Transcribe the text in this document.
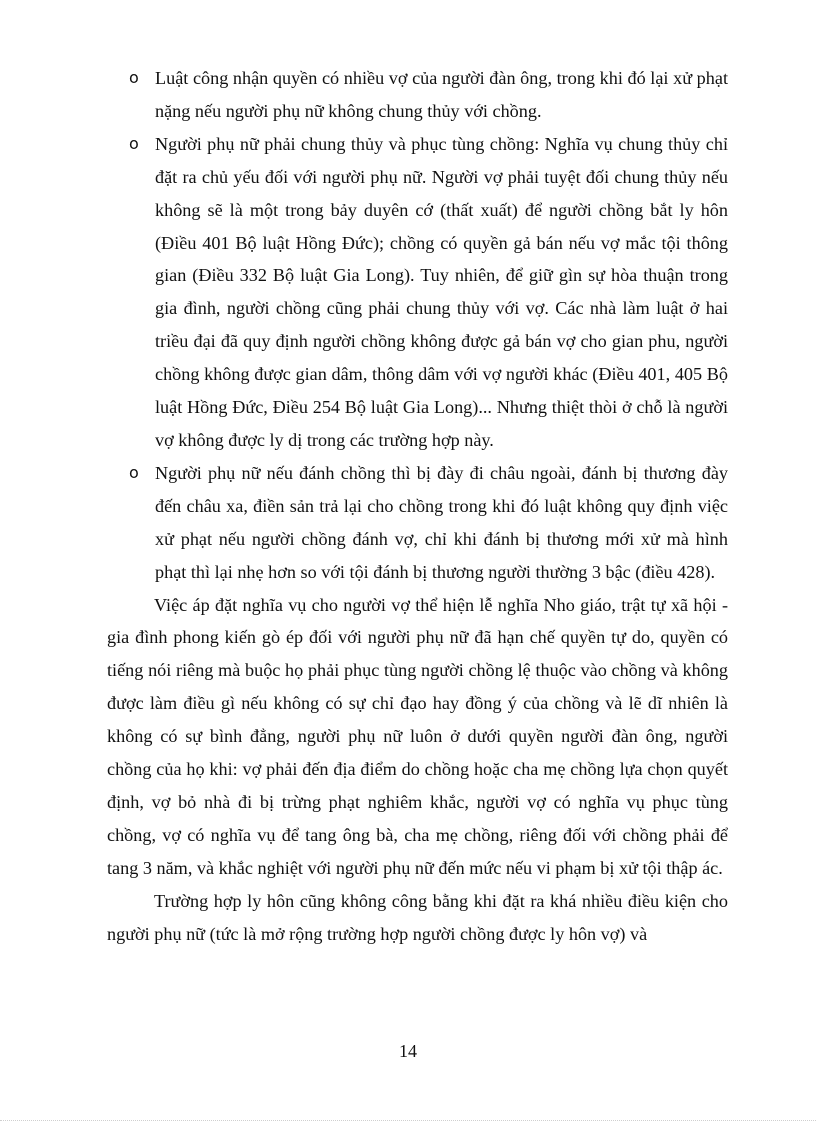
o Luật công nhận quyền có nhiều vợ của người đàn ông, trong khi đó lại xử phạt nặng nếu người phụ nữ không chung thủy với chồng.
o Người phụ nữ phải chung thủy và phục tùng chồng: Nghĩa vụ chung thủy chỉ đặt ra chủ yếu đối với người phụ nữ. Người vợ phải tuyệt đối chung thủy nếu không sẽ là một trong bảy duyên cớ (thất xuất) để người chồng bắt ly hôn (Điều 401 Bộ luật Hồng Đức); chồng có quyền gả bán nếu vợ mắc tội thông gian (Điều 332 Bộ luật Gia Long). Tuy nhiên, để giữ gìn sự hòa thuận trong gia đình, người chồng cũng phải chung thủy với vợ. Các nhà làm luật ở hai triều đại đã quy định người chồng không được gả bán vợ cho gian phu, người chồng không được gian dâm, thông dâm với vợ người khác (Điều 401, 405 Bộ luật Hồng Đức, Điều 254 Bộ luật Gia Long)... Nhưng thiệt thòi ở chỗ là người vợ không được ly dị trong các trường hợp này.
o Người phụ nữ nếu đánh chồng thì bị đày đi châu ngoài, đánh bị thương đày đến châu xa, điền sản trả lại cho chồng trong khi đó luật không quy định việc xử phạt nếu người chồng đánh vợ, chỉ khi đánh bị thương mới xử mà hình phạt thì lại nhẹ hơn so với tội đánh bị thương người thường 3 bậc (điều 428).

Việc áp đặt nghĩa vụ cho người vợ thể hiện lễ nghĩa Nho giáo, trật tự xã hội - gia đình phong kiến gò ép đối với người phụ nữ đã hạn chế quyền tự do, quyền có tiếng nói riêng mà buộc họ phải phục tùng người chồng lệ thuộc vào chồng và không được làm điều gì nếu không có sự chỉ đạo hay đồng ý của chồng và lẽ dĩ nhiên là không có sự bình đẳng, người phụ nữ luôn ở dưới quyền người đàn ông, người chồng của họ khi: vợ phải đến địa điểm do chồng hoặc cha mẹ chồng lựa chọn quyết định, vợ bỏ nhà đi bị trừng phạt nghiêm khắc, người vợ có nghĩa vụ phục tùng chồng, vợ có nghĩa vụ để tang ông bà, cha mẹ chồng, riêng đối với chồng phải để tang 3 năm, và khắc nghiệt với người phụ nữ đến mức nếu vi phạm bị xử tội thập ác.

Trường hợp ly hôn cũng không công bằng khi đặt ra khá nhiều điều kiện cho người phụ nữ (tức là mở rộng trường hợp người chồng được ly hôn vợ) và

14
